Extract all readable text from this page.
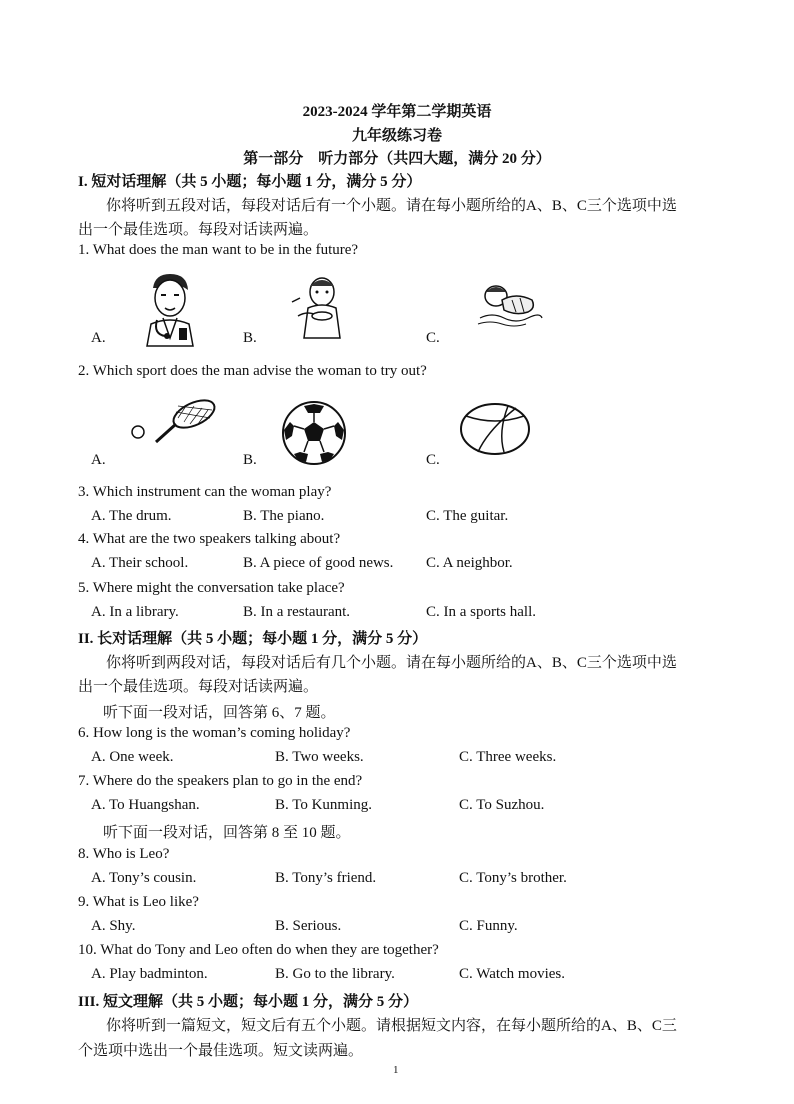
2023-2024 学年第二学期英语
九年级练习卷
第一部分　听力部分（共四大题，满分 20 分）
I. 短对话理解（共 5 小题；每小题 1 分，满分 5 分）
你将听到五段对话，每段对话后有一个小题。请在每小题所给的A、B、C三个选项中选
出一个最佳选项。每段对话读两遍。
1. What does the man want to be in the future?
A.	B.	C.
2. Which sport does the man advise the woman to try out?
A.	B.	C.
3. Which instrument can the woman play?
A. The drum.	B. The piano.	C. The guitar.
4. What are the two speakers talking about?
A. Their school.	B. A piece of good news. C. A neighbor.
5. Where might the conversation take place?
A. In a library.	B. In a restaurant.	C. In a sports hall.
II. 长对话理解（共 5 小题；每小题 1 分，满分 5 分）
你将听到两段对话，每段对话后有几个小题。请在每小题所给的A、B、C三个选项中选
出一个最佳选项。每段对话读两遍。
听下面一段对话，回答第 6、7 题。
6. How long is the woman’s coming holiday?
A. One week.	B. Two weeks.	C. Three weeks.
7. Where do the speakers plan to go in the end?
A. To Huangshan.	B. To Kunming.	C. To Suzhou.
听下面一段对话，回答第 8 至 10 题。
8. Who is Leo?
A. Tony’s cousin.	B. Tony’s friend.	C. Tony’s brother.
9. What is Leo like?
A. Shy.	B. Serious.	C. Funny.
10. What do Tony and Leo often do when they are together?
A. Play badminton.	B. Go to the library.	C. Watch movies.
III. 短文理解（共 5 小题；每小题 1 分，满分 5 分）
你将听到一篇短文，短文后有五个小题。请根据短文内容，在每小题所给的A、B、C三
个选项中选出一个最佳选项。短文读两遍。
1
